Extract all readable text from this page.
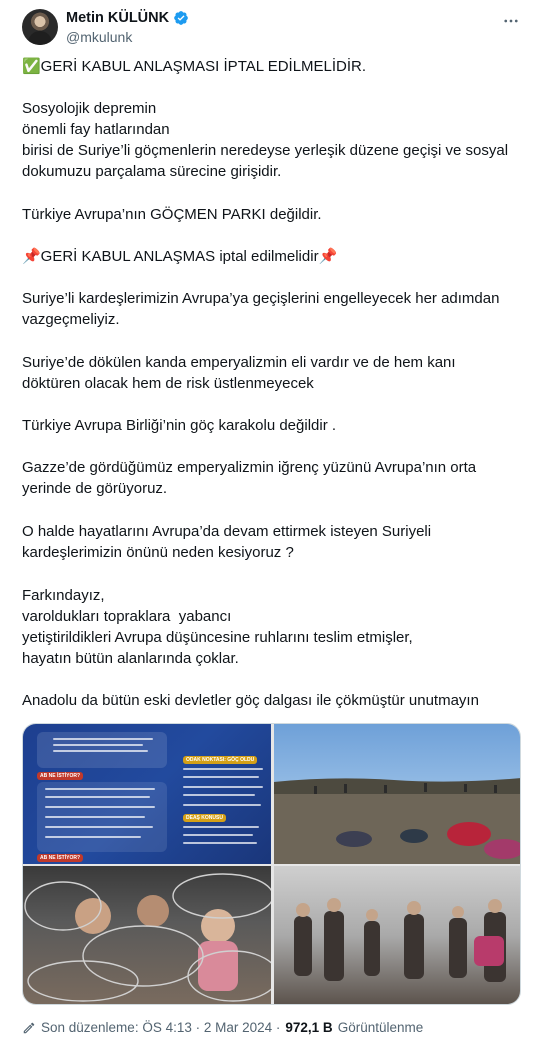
Metin KÜLÜNK
@mkulunk
✅GERİ KABUL ANLAŞMASI İPTAL EDİLMELİDİR.
Sosyolojik depremin
önemli fay hatlarından
birisi de Suriye’li göçmenlerin neredeyse yerleşik düzene geçişi ve sosyal
dokumuzu parçalama sürecine girişidir.
Türkiye Avrupa’nın GÖÇMEN PARKI değildir.
📌GERİ KABUL ANLAŞMAS iptal edilmelidir📌
Suriye’li kardeşlerimizin Avrupa’ya geçişlerini engelleyecek her adımdan
vazgeçmeliyiz.
Suriye’de dökülen kanda emperyalizmin eli vardır ve de hem kanı
döktüren olacak hem de risk üstlenmeyecek
Türkiye Avrupa Birliği’nin göç karakolu değildir .
Gazze’de gördüğümüz emperyalizmin iğrenç yüzünü Avrupa’nın orta
yerinde de görüyoruz.
O halde hayatlarını Avrupa’da devam ettirmek isteyen Suriyeli
kardeşlerimizin önünü neden kesiyoruz ?
Farkındayız,
varoldukları topraklara  yabancı
yetiştirildikleri Avrupa düşüncesine ruhlarını teslim etmişler,
hayatın bütün alanlarında çoklar.
Anadolu da bütün eski devletler göç dalgası ile çökmüştür unutmayın
AB NE İSTİYOR?
AB NE İSTİYOR?
ODAK NOKTASI: GÖÇ OLDU
DEAŞ KONUSU
Son düzenleme: ÖS 4:13 · 2 Mar 2024 · 972,1 B Görüntülenme
